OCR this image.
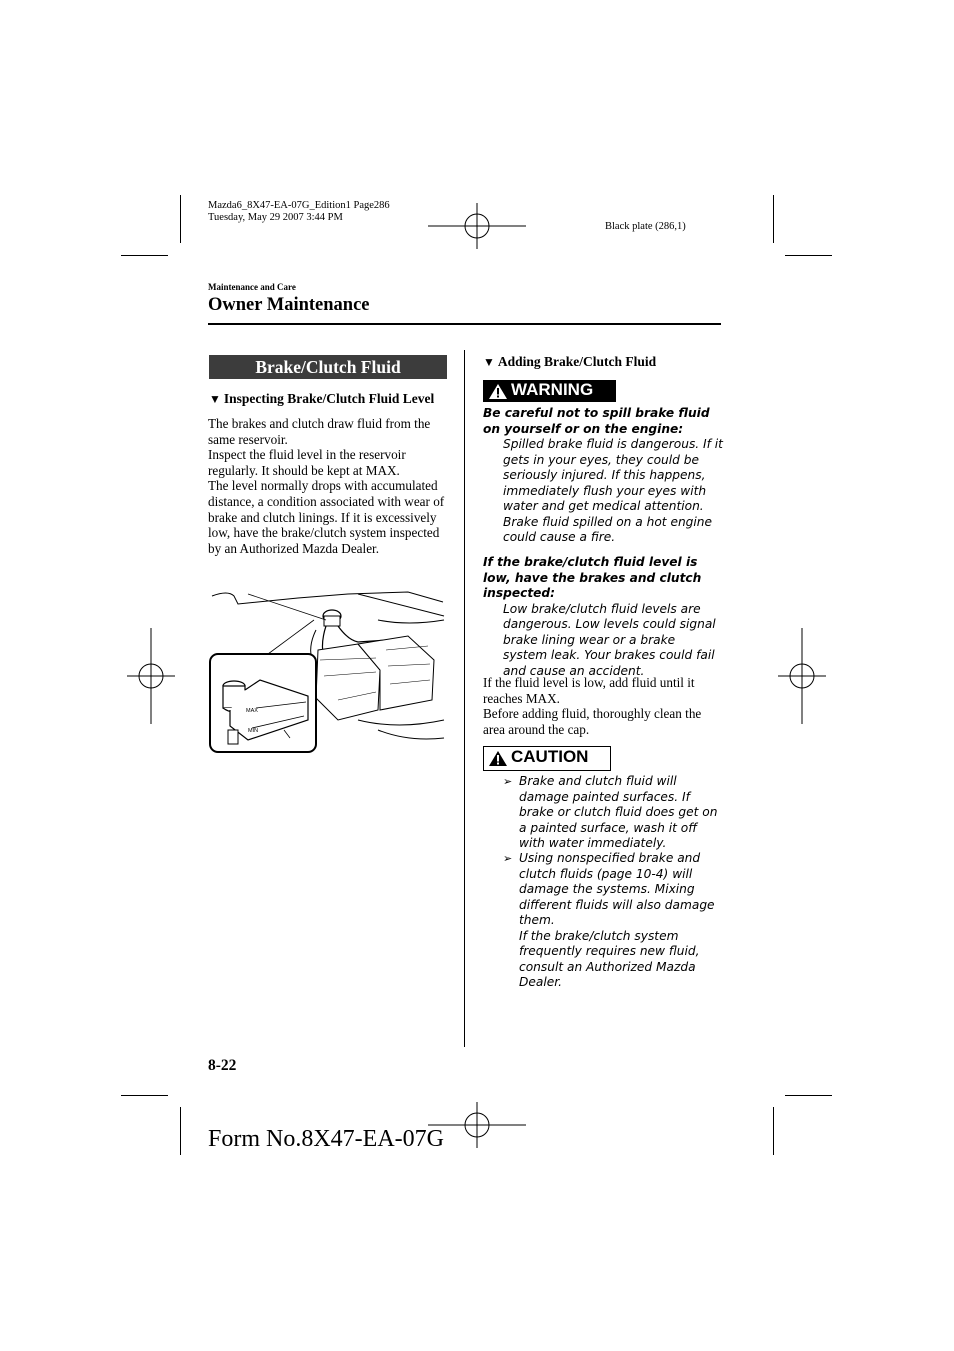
Mazda6_8X47-EA-07G_Edition1 Page286
Tuesday, May 29 2007 3:44 PM
Black plate (286,1)
Maintenance and Care
Owner Maintenance
Brake/Clutch Fluid
▼ Inspecting Brake/Clutch Fluid Level

The brakes and clutch draw fluid from the same reservoir.

Inspect the fluid level in the reservoir regularly. It should be kept at MAX.

The level normally drops with accumulated distance, a condition associated with wear of brake and clutch linings. If it is excessively low, have the brake/clutch system inspected by an Authorized Mazda Dealer.

MAX
MIN
▼ Adding Brake/Clutch Fluid
WARNING

Be careful not to spill brake fluid on yourself or on the engine:

Spilled brake fluid is dangerous. If it gets in your eyes, they could be seriously injured. If this happens, immediately flush your eyes with water and get medical attention. Brake fluid spilled on a hot engine could cause a fire.

If the brake/clutch fluid level is low, have the brakes and clutch inspected:

Low brake/clutch fluid levels are dangerous. Low levels could signal brake lining wear or a brake system leak. Your brakes could fail and cause an accident.

If the fluid level is low, add fluid until it reaches MAX.

Before adding fluid, thoroughly clean the area around the cap.

CAUTION
➢ Brake and clutch fluid will damage painted surfaces. If brake or clutch fluid does get on a painted surface, wash it off with water immediately.

➢ Using nonspecified brake and clutch fluids (page 10-4) will damage the systems. Mixing different fluids will also damage them.

If the brake/clutch system frequently requires new fluid, consult an Authorized Mazda Dealer.

8-22
Form No.8X47-EA-07G
